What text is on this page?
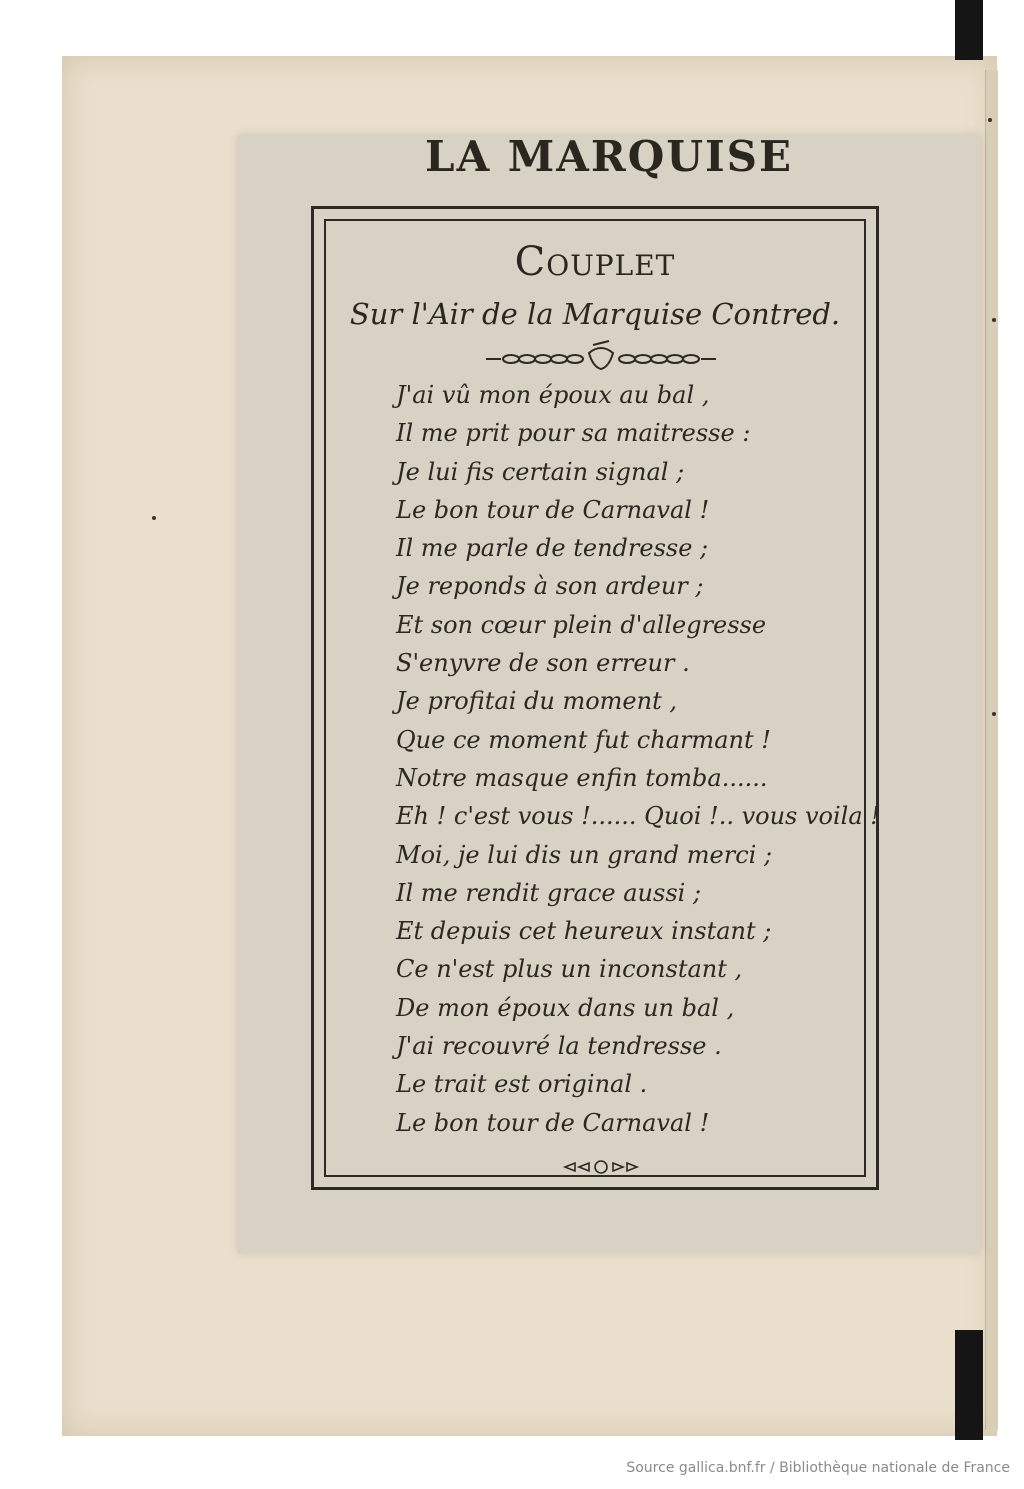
LA MARQUISE
Couplet
Sur l'Air de la Marquise Contred.
J'ai vû mon époux au bal ,
Il me prit pour sa maitresse :
Je lui fis certain signal ;
Le bon tour de Carnaval !
Il me parle de tendresse ;
Je reponds à son ardeur ;
Et son cœur plein d'allegresse
S'enyvre de son erreur .
Je profitai du moment ,
Que ce moment fut charmant !
Notre masque enfin tomba......
Eh ! c'est vous !...... Quoi !.. vous voila !
Moi, je lui dis un grand merci ;
Il me rendit grace aussi ;
Et depuis cet heureux instant ;
Ce n'est plus un inconstant ,
De mon époux dans un bal ,
J'ai recouvré la tendresse .
Le trait est original .
Le bon tour de Carnaval !
Source gallica.bnf.fr / Bibliothèque nationale de France
